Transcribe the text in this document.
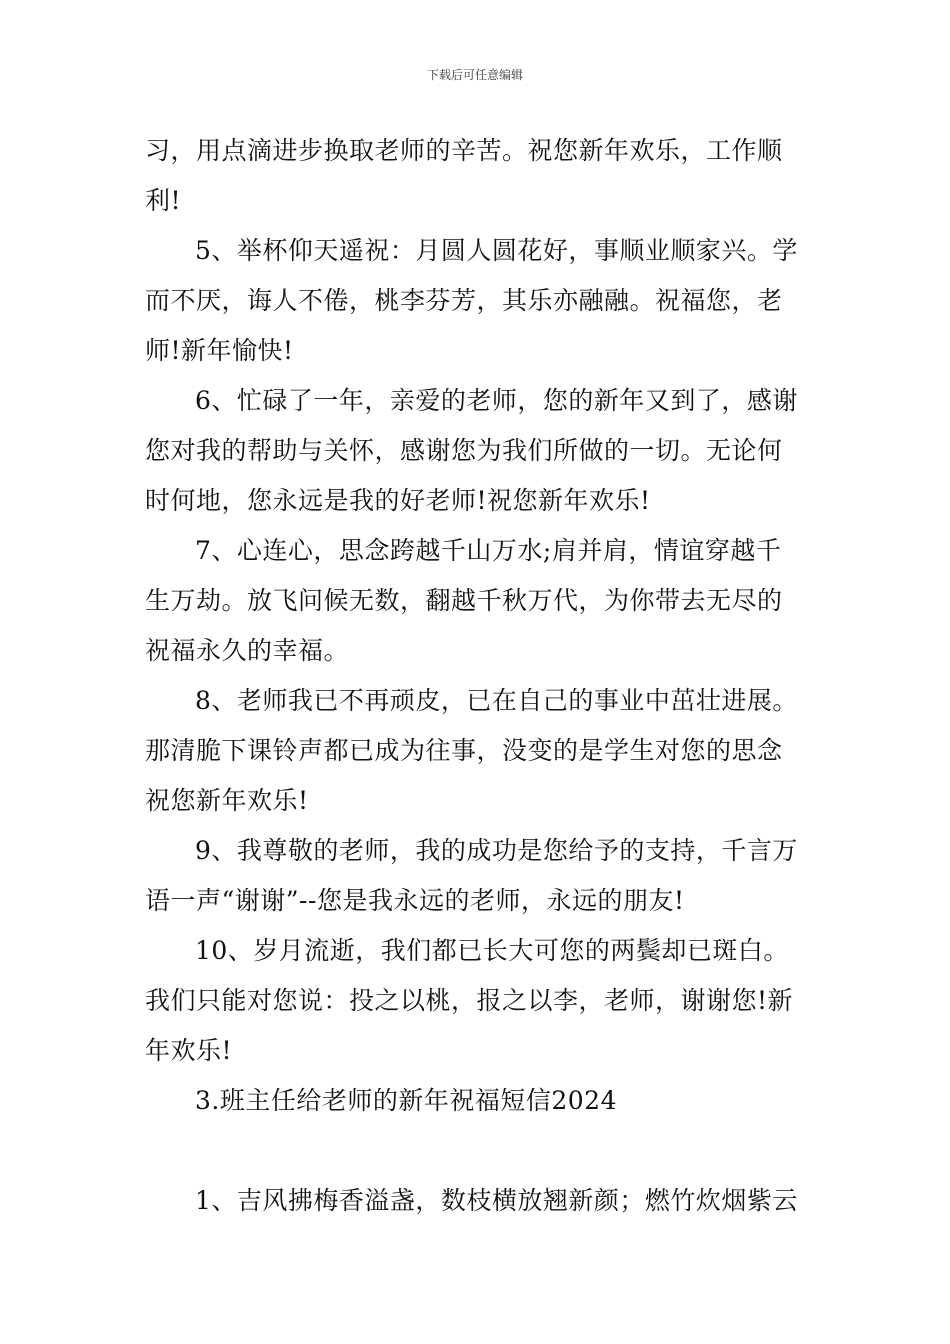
下载后可任意编辑
习，用点滴进步换取老师的辛苦。祝您新年欢乐，工作顺
利!
5、举杯仰天遥祝：月圆人圆花好，事顺业顺家兴。学
而不厌，诲人不倦，桃李芬芳，其乐亦融融。祝福您，老
师!新年愉快!
6、忙碌了一年，亲爱的老师，您的新年又到了，感谢
您对我的帮助与关怀，感谢您为我们所做的一切。无论何
时何地，您永远是我的好老师!祝您新年欢乐!
7、心连心，思念跨越千山万水;肩并肩，情谊穿越千
生万劫。放飞问候无数，翻越千秋万代，为你带去无尽的
祝福永久的幸福。
8、老师我已不再顽皮，已在自己的事业中茁壮进展。
那清脆下课铃声都已成为往事，没变的是学生对您的思念
祝您新年欢乐!
9、我尊敬的老师，我的成功是您给予的支持，千言万
语一声“谢谢”--您是我永远的老师，永远的朋友!
10、岁月流逝，我们都已长大可您的两鬓却已斑白。
我们只能对您说：投之以桃，报之以李，老师，谢谢您!新
年欢乐!
3.班主任给老师的新年祝福短信2024
1、吉风拂梅香溢盏，数枝横放翘新颜；燃竹炊烟紫云
